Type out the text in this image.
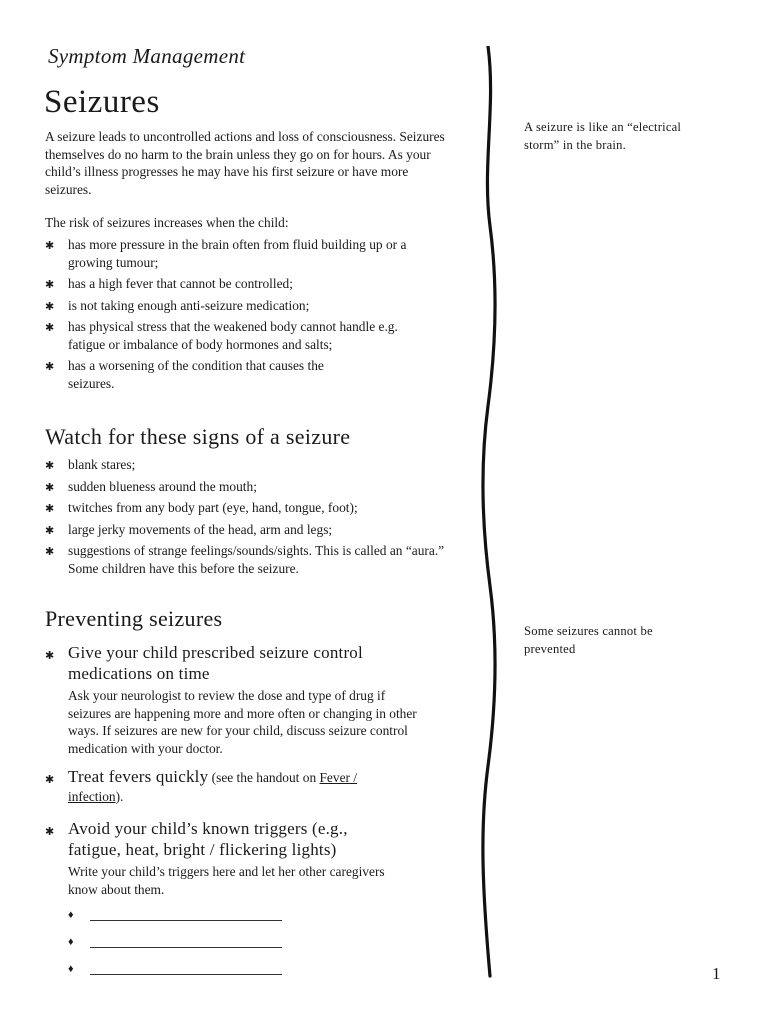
Symptom Management
Seizures
A seizure leads to uncontrolled actions and loss of consciousness. Seizures themselves do no harm to the brain unless they go on for hours. As your child’s illness progresses he may have his first seizure or have more seizures.
The risk of seizures increases when the child:
✱ has more pressure in the brain often from fluid building up or a growing tumour;
✱ has a high fever that cannot be controlled;
✱ is not taking enough anti-seizure medication;
✱ has physical stress that the weakened body cannot handle e.g. fatigue or imbalance of body hormones and salts;
✱ has a worsening of the condition that causes the seizures.
Watch for these signs of a seizure
✱ blank stares;
✱ sudden blueness around the mouth;
✱ twitches from any body part (eye, hand, tongue, foot);
✱ large jerky movements of the head, arm and legs;
✱ suggestions of strange feelings/sounds/sights. This is called an “aura.” Some children have this before the seizure.
Preventing seizures
✱ Give your child prescribed seizure control medications on time
Ask your neurologist to review the dose and type of drug if seizures are happening more and more often or changing in other ways. If seizures are new for your child, discuss seizure control medication with your doctor.
✱ Treat fevers quickly (see the handout on Fever / infection).
✱ Avoid your child’s known triggers (e.g., fatigue, heat, bright / flickering lights)
Write your child’s triggers here and let her other caregivers know about them.
♦
♦
♦
A seizure is like an “electrical storm” in the brain.
Some seizures cannot be prevented
1
